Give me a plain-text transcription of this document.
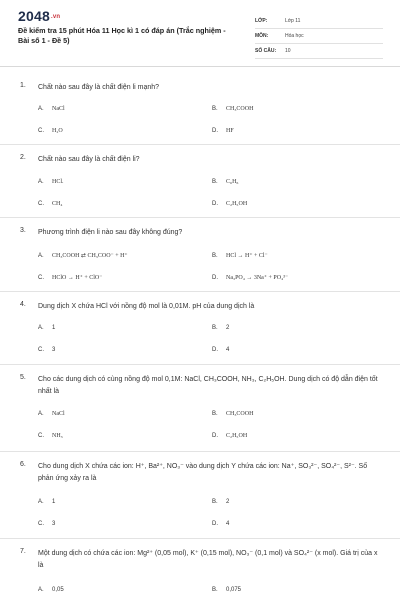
2048.vn
Đề kiểm tra 15 phút Hóa 11 Học kì 1 có đáp án (Trắc nghiệm - Bài số 1 - Đề 5)
LỚP:	Lớp 11
MÔN:	Hóa học
SỐ CÂU:	10
1. Chất nào sau đây là chất điện li mạnh?
A. NaCl	B. CH₃COOH
C. H₂O	D. HF
2. Chất nào sau đây là chất điện li?
A. HCl.	B. C₆H₆
C. CH₄	D. C₂H₅OH
3. Phương trình điện li nào sau đây không đúng?
A. CH₃COOH ⇄ CH₃COO⁻ + H⁺	B. HCl → H⁺ + Cl⁻
C. HClO → H⁺ + ClO⁻	D. Na₃PO₄ → 3Na⁺ + PO₄³⁻
4. Dung dịch X chứa HCl với nồng độ mol là 0,01M. pH của dung dịch là
A. 1	B. 2
C. 3	D. 4
5. Cho các dung dịch có cùng nồng độ mol 0,1M: NaCl, CH₃COOH, NH₃, C₂H₅OH. Dung dịch có độ dẫn điện tốt nhất là
A. NaCl	B. CH₃COOH
C. NH₃	D. C₂H₅OH
6. Cho dung dịch X chứa các ion: H⁺, Ba²⁺, NO₃⁻ vào dung dịch Y chứa các ion: Na⁺, SO₃²⁻, SO₄²⁻, S²⁻. Số phản ứng xảy ra là
A. 1	B. 2
C. 3	D. 4
7. Một dung dịch có chứa các ion: Mg²⁺ (0,05 mol), K⁺ (0,15 mol), NO₃⁻ (0,1 mol) và SO₄²⁻ (x mol). Giá trị của x là
A. 0,05	B. 0,075
